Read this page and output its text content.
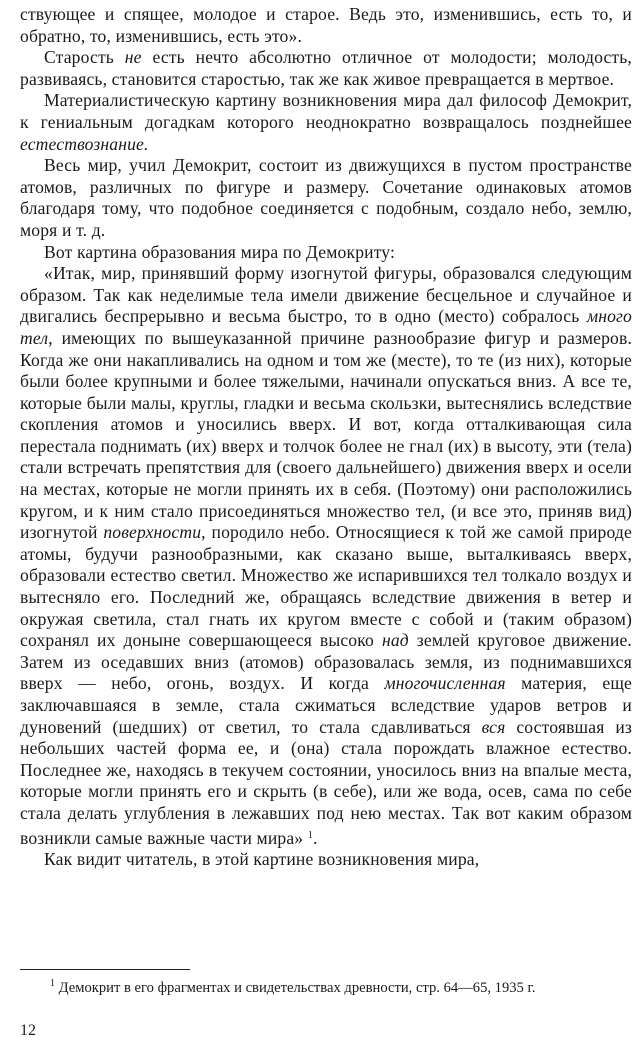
ствующее и спящее, молодое и старое. Ведь это, изменившись, есть то, и обратно, то, изменившись, есть это».

Старость не есть нечто абсолютно отличное от молодости; молодость, развиваясь, становится старостью, так же как живое превращается в мертвое.

Материалистическую картину возникновения мира дал философ Демокрит, к гениальным догадкам которого неоднократно возвращалось позднейшее естествознание.

Весь мир, учил Демокрит, состоит из движущихся в пустом пространстве атомов, различных по фигуре и размеру. Сочетание одинаковых атомов благодаря тому, что подобное соединяется с подобным, создало небо, землю, моря и т. д.

Вот картина образования мира по Демокриту:

«Итак, мир, принявший форму изогнутой фигуры, образовался следующим образом. Так как неделимые тела имели движение бесцельное и случайное и двигались беспрерывно и весьма быстро, то в одно (место) собралось много тел, имеющих по вышеуказанной причине разнообразие фигур и размеров. Когда же они накапливались на одном и том же (месте), то те (из них), которые были более крупными и более тяжелыми, начинали опускаться вниз. А все те, которые были малы, круглы, гладки и весьма скользки, вытеснялись вследствие скопления атомов и уносились вверх. И вот, когда отталкивающая сила перестала поднимать (их) вверх и толчок более не гнал (их) в высоту, эти (тела) стали встречать препятствия для (своего дальнейшего) движения вверх и осели на местах, которые не могли принять их в себя. (Поэтому) они расположились кругом, и к ним стало присоединяться множество тел, (и все это, приняв вид) изогнутой поверхности, породило небо. Относящиеся к той же самой природе атомы, будучи разнообразными, как сказано выше, выталкиваясь вверх, образовали естество светил. Множество же испарившихся тел толкало воздух и вытесняло его. Последний же, обращаясь вследствие движения в ветер и окружая светила, стал гнать их кругом вместе с собой и (таким образом) сохранял их доныне совершающееся высоко над землей круговое движение. Затем из оседавших вниз (атомов) образовалась земля, из поднимавшихся вверх — небо, огонь, воздух. И когда многочисленная материя, еще заключавшаяся в земле, стала сжиматься вследствие ударов ветров и дуновений (шедших) от светил, то стала сдавливаться вся состоявшая из небольших частей форма ее, и (она) стала порождать влажное естество. Последнее же, находясь в текучем состоянии, уносилось вниз на впалые места, которые могли принять его и скрыть (в себе), или же вода, осев, сама по себе стала делать углубления в лежавших под нею местах. Так вот каким образом возникли самые важные части мира» $^1$.

Как видит читатель, в этой картине возникновения мира,

$^1$ Демокрит в его фрагментах и свидетельствах древности, стр. 64—65, 1935 г.
12
